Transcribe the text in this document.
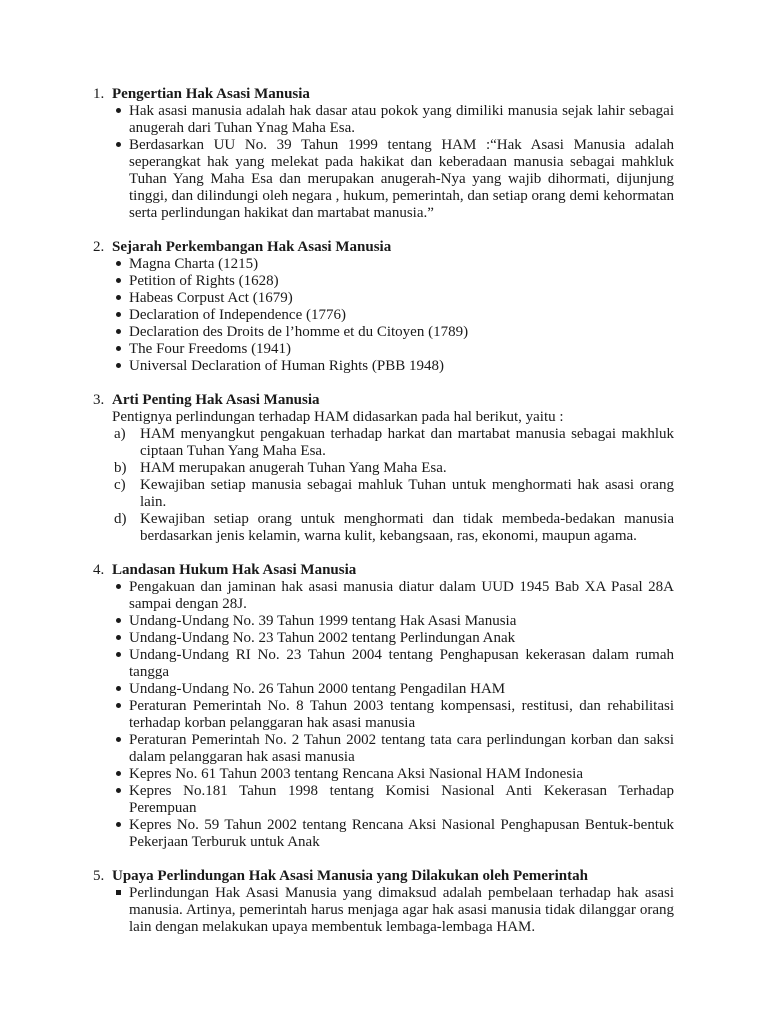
1. Pengertian Hak Asasi Manusia
Hak asasi manusia adalah hak dasar atau pokok yang dimiliki manusia sejak lahir sebagai anugerah dari Tuhan Ynag Maha Esa.
Berdasarkan UU No. 39 Tahun 1999 tentang HAM :“Hak Asasi Manusia adalah seperangkat hak yang melekat pada hakikat dan keberadaan manusia sebagai mahkluk Tuhan Yang Maha Esa dan merupakan anugerah-Nya yang wajib dihormati, dijunjung tinggi, dan dilindungi oleh negara , hukum, pemerintah, dan setiap orang demi kehormatan serta perlindungan hakikat dan martabat manusia.”
2. Sejarah Perkembangan Hak Asasi Manusia
Magna Charta (1215)
Petition of Rights (1628)
Habeas Corpust Act (1679)
Declaration of Independence (1776)
Declaration des Droits de l’homme et du Citoyen (1789)
The Four Freedoms (1941)
Universal Declaration of Human Rights (PBB 1948)
3. Arti Penting Hak Asasi Manusia
Pentignya perlindungan terhadap HAM didasarkan pada hal berikut, yaitu :
a) HAM menyangkut pengakuan terhadap harkat dan martabat manusia sebagai makhluk ciptaan Tuhan Yang Maha Esa.
b) HAM merupakan anugerah Tuhan Yang Maha Esa.
c) Kewajiban setiap manusia sebagai mahluk Tuhan untuk menghormati hak asasi orang lain.
d) Kewajiban setiap orang untuk menghormati dan tidak membeda-bedakan manusia berdasarkan jenis kelamin, warna kulit, kebangsaan, ras, ekonomi, maupun agama.
4. Landasan Hukum Hak Asasi Manusia
Pengakuan dan jaminan hak asasi manusia diatur dalam UUD 1945 Bab XA Pasal 28A sampai dengan 28J.
Undang-Undang No. 39 Tahun 1999 tentang Hak Asasi Manusia
Undang-Undang No. 23 Tahun 2002 tentang Perlindungan Anak
Undang-Undang RI No. 23 Tahun 2004 tentang Penghapusan kekerasan dalam rumah tangga
Undang-Undang No. 26 Tahun 2000 tentang Pengadilan HAM
Peraturan Pemerintah No. 8 Tahun 2003 tentang kompensasi, restitusi, dan rehabilitasi terhadap korban pelanggaran hak asasi manusia
Peraturan Pemerintah No. 2 Tahun 2002 tentang tata cara perlindungan korban dan saksi dalam pelanggaran hak asasi manusia
Kepres No. 61 Tahun 2003 tentang Rencana Aksi Nasional HAM Indonesia
Kepres No.181 Tahun 1998 tentang Komisi Nasional Anti Kekerasan Terhadap Perempuan
Kepres No. 59 Tahun 2002 tentang Rencana Aksi Nasional Penghapusan Bentuk-bentuk Pekerjaan Terburuk untuk Anak
5. Upaya Perlindungan Hak Asasi Manusia yang Dilakukan oleh Pemerintah
Perlindungan Hak Asasi Manusia yang dimaksud adalah pembelaan terhadap hak asasi manusia. Artinya, pemerintah harus menjaga agar hak asasi manusia tidak dilanggar orang lain dengan melakukan upaya membentuk lembaga-lembaga HAM.
